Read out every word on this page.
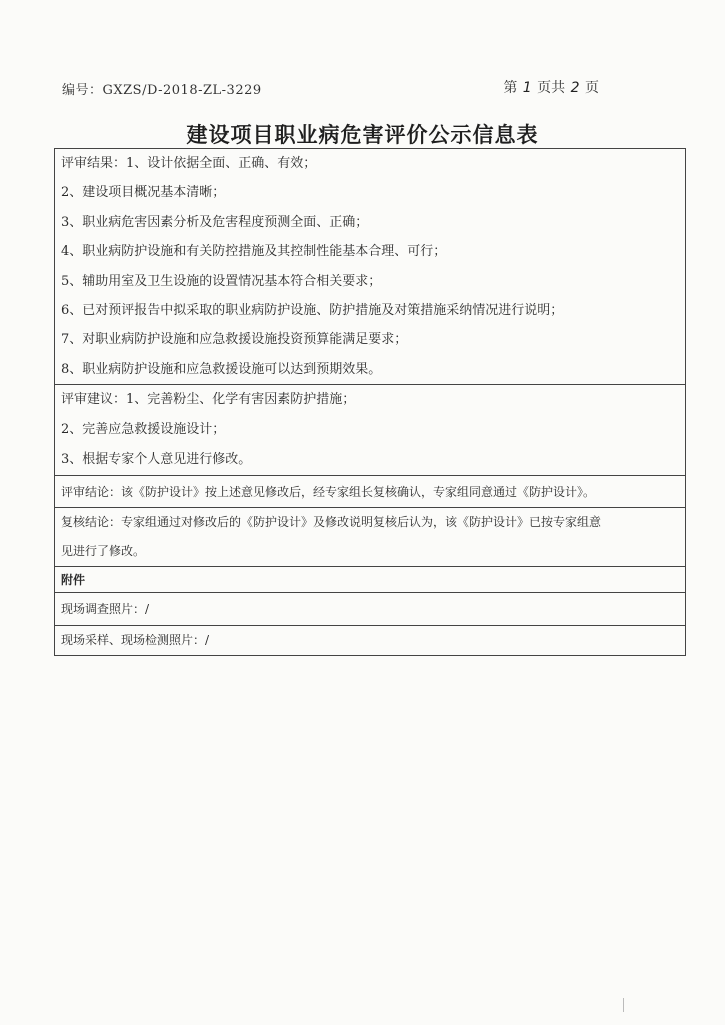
编号：GXZS/D-2018-ZL-3229	第 1 页共 2 页
建设项目职业病危害评价公示信息表
评审结果：1、设计依据全面、正确、有效；
2、建设项目概况基本清晰；
3、职业病危害因素分析及危害程度预测全面、正确；
4、职业病防护设施和有关防控措施及其控制性能基本合理、可行；
5、辅助用室及卫生设施的设置情况基本符合相关要求；
6、已对预评报告中拟采取的职业病防护设施、防护措施及对策措施采纳情况进行说明；
7、对职业病防护设施和应急救援设施投资预算能满足要求；
8、职业病防护设施和应急救援设施可以达到预期效果。
评审建议：1、完善粉尘、化学有害因素防护措施；
2、完善应急救援设施设计；
3、根据专家个人意见进行修改。
评审结论：该《防护设计》按上述意见修改后，经专家组长复核确认，专家组同意通过《防护设计》。
复核结论：专家组通过对修改后的《防护设计》及修改说明复核后认为，该《防护设计》已按专家组意
见进行了修改。
附件
现场调查照片：/
现场采样、现场检测照片：/
